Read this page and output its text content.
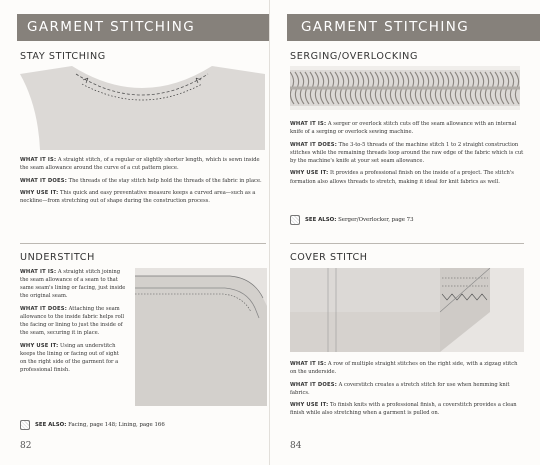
GARMENT STITCHING
STAY STITCHING

WHAT IT IS: A straight stitch, of a regular or slightly shorter length, which is sewn inside the seam allowance around the curve of a cut pattern piece.

WHAT IT DOES: The threads of the stay stitch help hold the threads of the fabric in place.

WHY USE IT: This quick and easy preventative measure keeps a curved area—such as a neckline—from stretching out of shape during the construction process.

UNDERSTITCH

WHAT IT IS: A straight stitch joining the seam allowance of a seam to that same seam's lining or facing, just inside the original seam.

WHAT IT DOES: Attaching the seam allowance to the inside fabric helps roll the facing or lining to just the inside of the seam, securing it in place.

WHY USE IT: Using an understitch keeps the lining or facing out of sight on the right side of the garment for a professional finish.

SEE ALSO: Facing, page 148; Lining, page 166
82
GARMENT STITCHING
SERGING/OVERLOCKING

WHAT IT IS: A serger or overlock stitch cuts off the seam allowance with an internal knife of a serging or overlock sewing machine.

WHAT IT DOES: The 3-to-5 threads of the machine stitch 1 to 2 straight construction stitches while the remaining threads loop around the raw edge of the fabric which is cut by the machine's knife at your set seam allowance.

WHY USE IT: It provides a professional finish on the inside of a project. The stitch's formation also allows threads to stretch, making it ideal for knit fabrics as well.

SEE ALSO: Serger/Overlocker, page 73
COVER STITCH

WHAT IT IS: A row of multiple straight stitches on the right side, with a zigzag stitch on the underside.

WHAT IT DOES: A coverstitch creates a stretch stitch for use when hemming knit fabrics.

WHY USE IT: To finish knits with a professional finish, a coverstitch provides a clean finish while also stretching when a garment is pulled on.

84
